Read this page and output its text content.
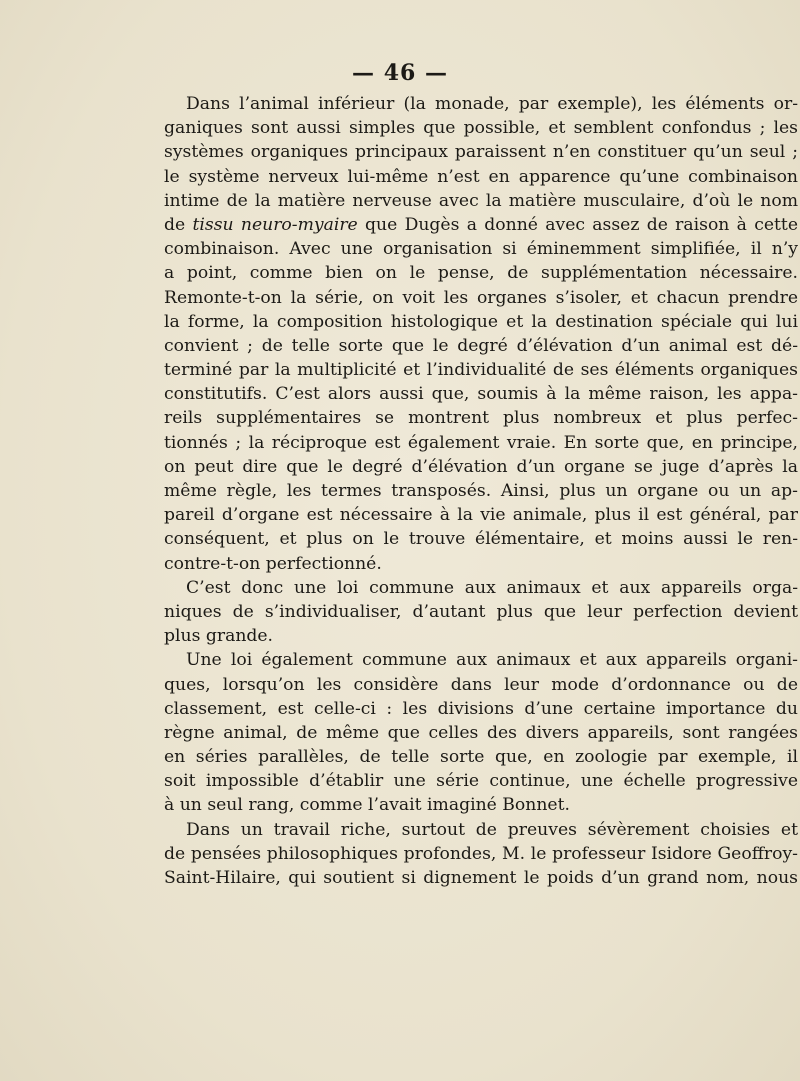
— 46 —
Dans l’animal inférieur (la monade, par exemple), les éléments or-
ganiques sont aussi simples que possible, et semblent confondus ; les
systèmes organiques principaux paraissent n’en constituer qu’un seul ;
le système nerveux lui-même n’est en apparence qu’une combinaison
intime de la matière nerveuse avec la matière musculaire, d’où le nom
de tissu neuro-myaire que Dugès a donné avec assez de raison à cette
combinaison. Avec une organisation si éminemment simplifiée, il n’y
a point, comme bien on le pense, de supplémentation nécessaire.
Remonte-t-on la série, on voit les organes s’isoler, et chacun prendre
la forme, la composition histologique et la destination spéciale qui lui
convient ; de telle sorte que le degré d’élévation d’un animal est dé-
terminé par la multiplicité et l’individualité de ses éléments organiques
constitutifs. C’est alors aussi que, soumis à la même raison, les appa-
reils supplémentaires se montrent plus nombreux et plus perfec-
tionnés ; la réciproque est également vraie. En sorte que, en principe,
on peut dire que le degré d’élévation d’un organe se juge d’après la
même règle, les termes transposés. Ainsi, plus un organe ou un ap-
pareil d’organe est nécessaire à la vie animale, plus il est général, par
conséquent, et plus on le trouve élémentaire, et moins aussi le ren-
contre-t-on perfectionné.
C’est donc une loi commune aux animaux et aux appareils orga-
niques de s’individualiser, d’autant plus que leur perfection devient
plus grande.
Une loi également commune aux animaux et aux appareils organi-
ques, lorsqu’on les considère dans leur mode d’ordonnance ou de
classement, est celle-ci : les divisions d’une certaine importance du
règne animal, de même que celles des divers appareils, sont rangées
en séries parallèles, de telle sorte que, en zoologie par exemple, il
soit impossible d’établir une série continue, une échelle progressive
à un seul rang, comme l’avait imaginé Bonnet.
Dans un travail riche, surtout de preuves sévèrement choisies et
de pensées philosophiques profondes, M. le professeur Isidore Geoffroy-
Saint-Hilaire, qui soutient si dignement le poids d’un grand nom, nous
